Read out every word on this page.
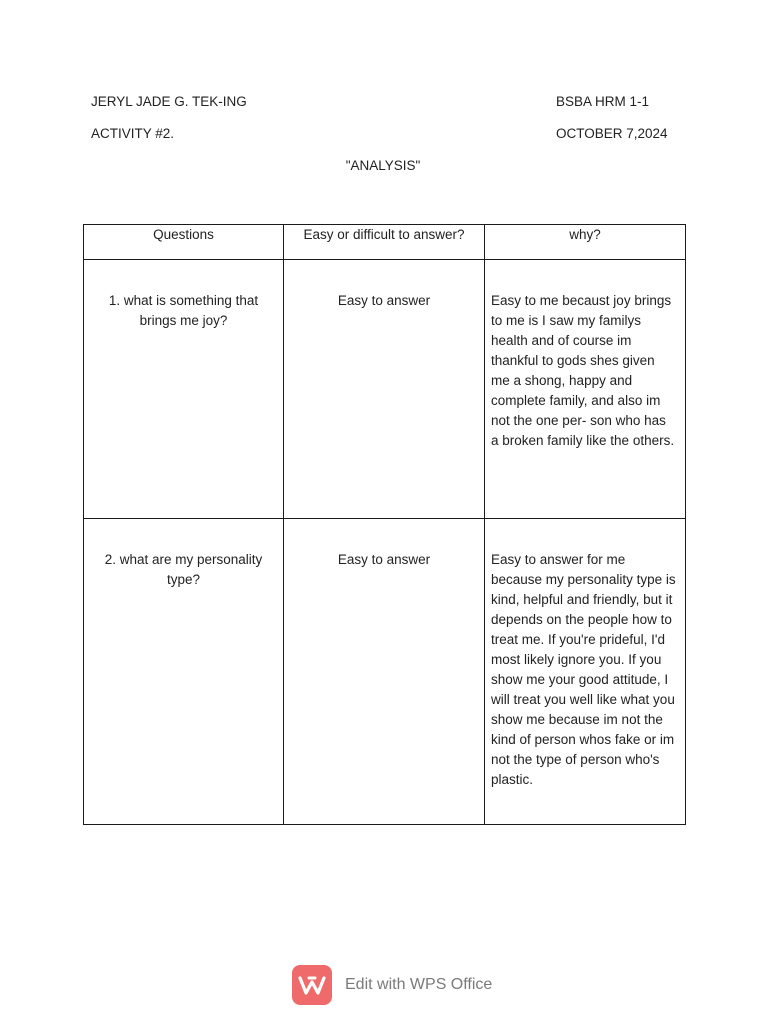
JERYL JADE G. TEK-ING	BSBA HRM 1-1
ACTIVITY #2.	OCTOBER 7,2024
"ANALYSIS"
Questions	Easy or difficult to answer?	why?

1. what is something that brings me joy?	Easy to answer	Easy to me becaust joy brings to me is I saw my familys health and of course im thankful to gods shes given me a shong, happy and complete family, and also im not the one per- son who has a broken family like the others.

2. what are my personality type?	Easy to answer	Easy to answer for me because my personality type is kind, helpful and friendly, but it depends on the people how to treat me. If you're prideful, I'd most likely ignore you. If you show me your good attitude, I will treat you well like what you show me because im not the kind of person whos fake or im not the type of person who's plastic.
Edit with WPS Office
